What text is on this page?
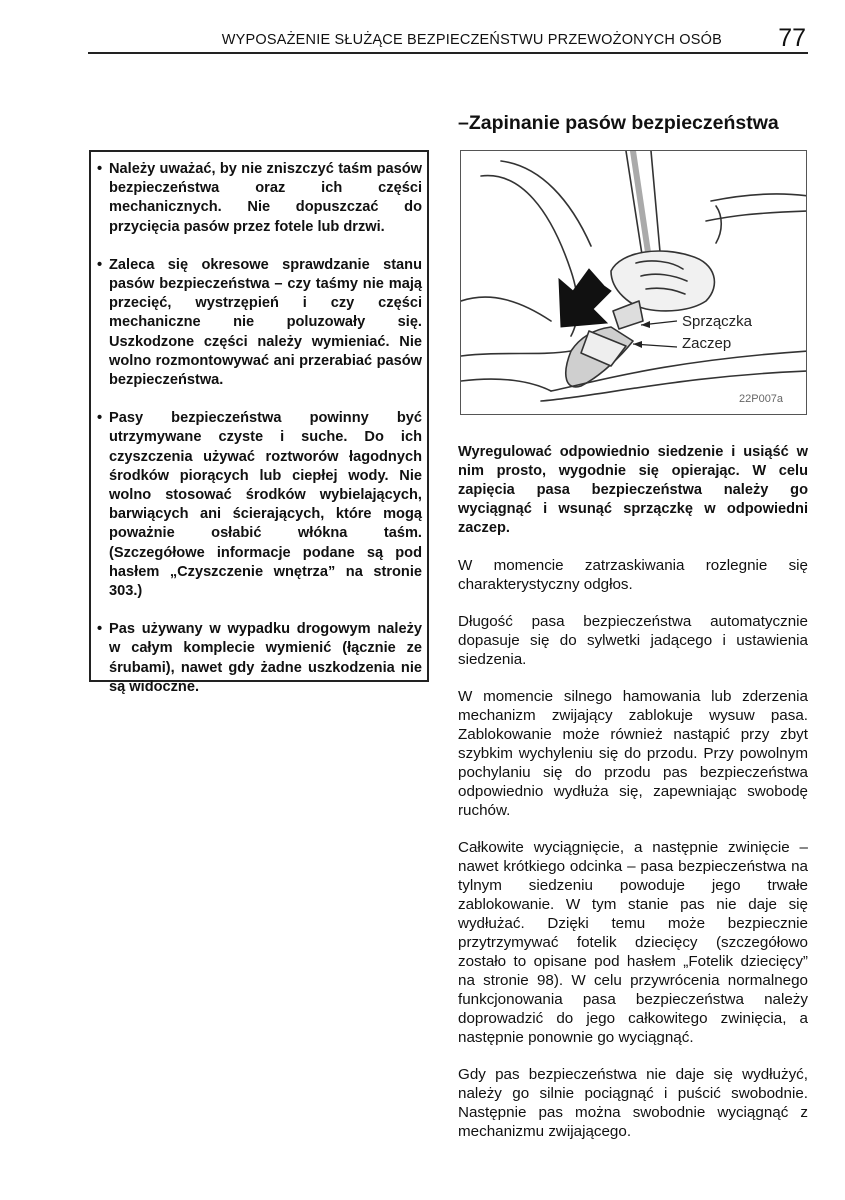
WYPOSAŻENIE SŁUŻĄCE BEZPIECZEŃSTWU PRZEWOŻONYCH OSÓB 77
–Zapinanie pasów bezpieczeństwa
• Należy uważać, by nie zniszczyć taśm pasów bezpieczeństwa oraz ich części mechanicznych. Nie dopuszczać do przycięcia pasów przez fotele lub drzwi.
• Zaleca się okresowe sprawdzanie stanu pasów bezpieczeństwa – czy taśmy nie mają przecięć, wystrzępień i czy części mechaniczne nie poluzowały się. Uszkodzone części należy wymieniać. Nie wolno rozmontowywać ani przerabiać pasów bezpieczeństwa.
• Pasy bezpieczeństwa powinny być utrzymywane czyste i suche. Do ich czyszczenia używać roztworów łagodnych środków piorących lub ciepłej wody. Nie wolno stosować środków wybielających, barwiących ani ścierających, które mogą poważnie osłabić włókna taśm. (Szczegółowe informacje podane są pod hasłem „Czyszczenie wnętrza” na stronie 303.)
• Pas używany w wypadku drogowym należy w całym komplecie wymienić (łącznie ze śrubami), nawet gdy żadne uszkodzenia nie są widoczne.
Sprzączka
Zaczep
22P007a

Wyregulować odpowiednio siedzenie i usiąść w nim prosto, wygodnie się opierając. W celu zapięcia pasa bezpieczeństwa należy go wyciągnąć i wsunąć sprzączkę w odpowiedni zaczep.

W momencie zatrzaskiwania rozlegnie się charakterystyczny odgłos.

Długość pasa bezpieczeństwa automatycznie dopasuje się do sylwetki jadącego i ustawienia siedzenia.

W momencie silnego hamowania lub zderzenia mechanizm zwijający zablokuje wysuw pasa. Zablokowanie może również nastąpić przy zbyt szybkim wychyleniu się do przodu. Przy powolnym pochylaniu się do przodu pas bezpieczeństwa odpowiednio wydłuża się, zapewniając swobodę ruchów.

Całkowite wyciągnięcie, a następnie zwinięcie – nawet krótkiego odcinka – pasa bezpieczeństwa na tylnym siedzeniu powoduje jego trwałe zablokowanie. W tym stanie pas nie daje się wydłużać. Dzięki temu może bezpiecznie przytrzymywać fotelik dziecięcy (szczegółowo zostało to opisane pod hasłem „Fotelik dziecięcy” na stronie 98). W celu przywrócenia normalnego funkcjonowania pasa bezpieczeństwa należy doprowadzić do jego całkowitego zwinięcia, a następnie ponownie go wyciągnąć.

Gdy pas bezpieczeństwa nie daje się wydłużyć, należy go silnie pociągnąć i puścić swobodnie. Następnie pas można swobodnie wyciągnąć z mechanizmu zwijającego.
